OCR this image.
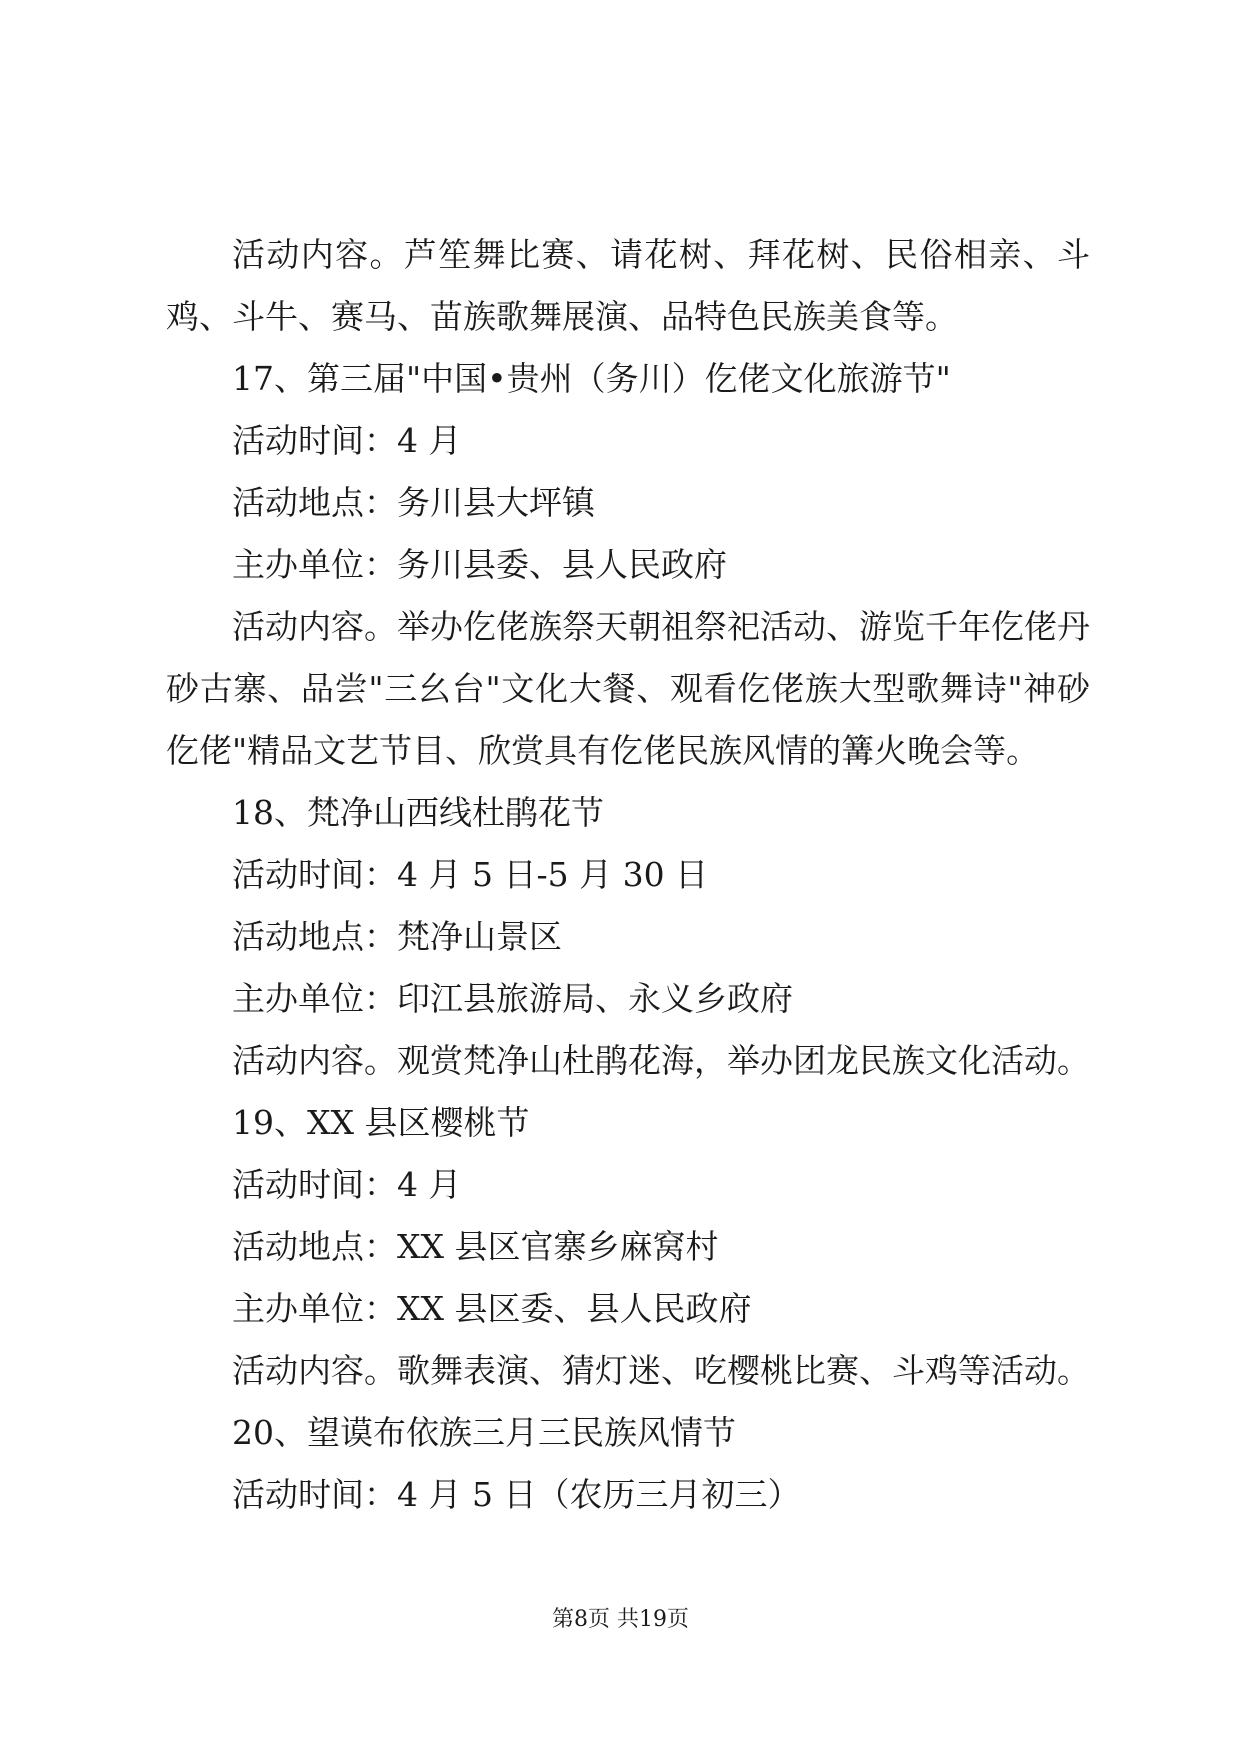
活动内容。芦笙舞比赛、请花树、拜花树、民俗相亲、斗鸡、斗牛、赛马、苗族歌舞展演、品特色民族美食等。

17、第三届"中国•贵州（务川）仡佬文化旅游节"

活动时间：4 月

活动地点：务川县大坪镇

主办单位：务川县委、县人民政府

活动内容。举办仡佬族祭天朝祖祭祀活动、游览千年仡佬丹砂古寨、品尝"三幺台"文化大餐、观看仡佬族大型歌舞诗"神砂仡佬"精品文艺节目、欣赏具有仡佬民族风情的篝火晚会等。

18、梵净山西线杜鹃花节

活动时间：4 月 5 日-5 月 30 日

活动地点：梵净山景区

主办单位：印江县旅游局、永义乡政府

活动内容。观赏梵净山杜鹃花海，举办团龙民族文化活动。

19、XX 县区樱桃节

活动时间：4 月

活动地点：XX 县区官寨乡麻窝村

主办单位：XX 县区委、县人民政府

活动内容。歌舞表演、猜灯迷、吃樱桃比赛、斗鸡等活动。

20、望谟布依族三月三民族风情节

活动时间：4 月 5 日（农历三月初三）

第8页 共19页
